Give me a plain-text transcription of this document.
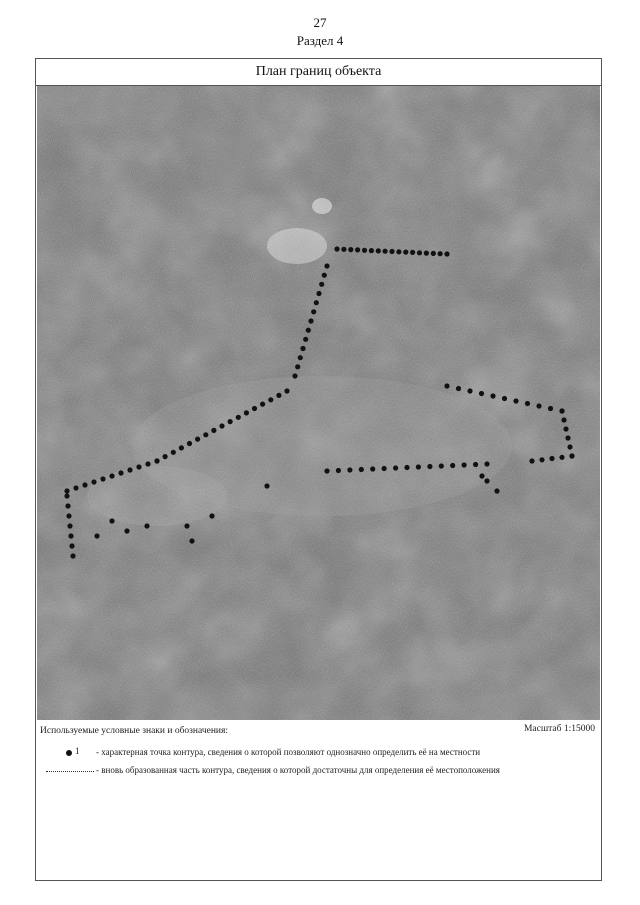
27
Раздел 4
План границ объекта
Используемые условные знаки и обозначения:	Масштаб 1:15000
1 - характерная точка контура, сведения о которой позволяют однозначно определить её на местности
- вновь образованная часть контура, сведения о которой достаточны для определения её местоположения
